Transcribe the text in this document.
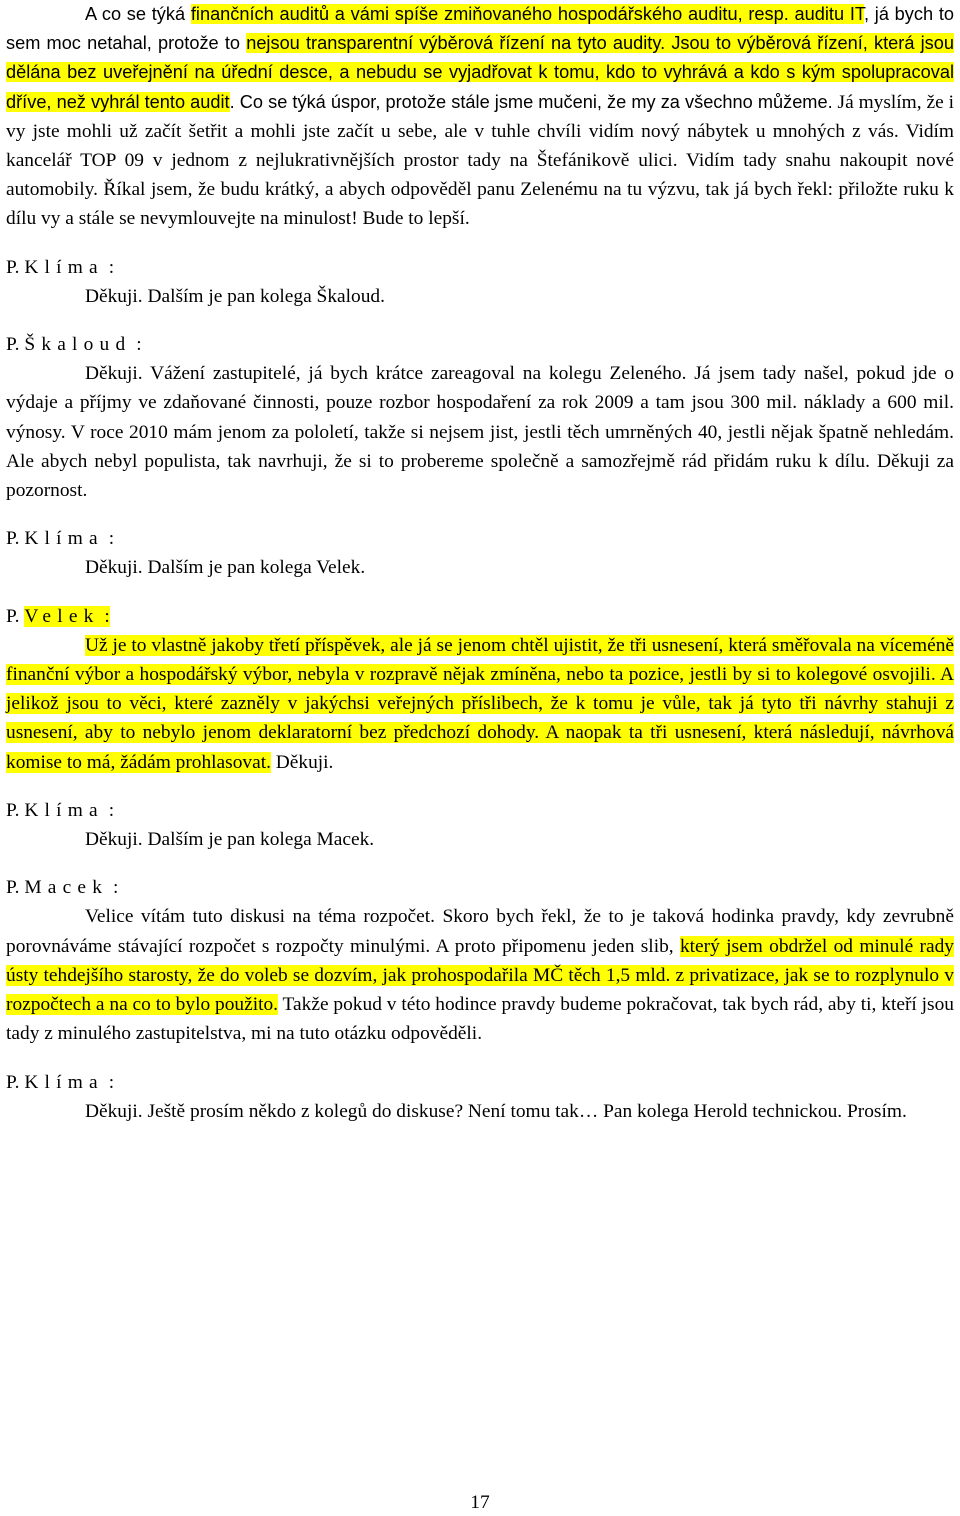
A co se týká finančních auditů a vámi spíše zmiňovaného hospodářského auditu, resp. auditu IT, já bych to sem moc netahal, protože to nejsou transparentní výběrová řízení na tyto audity. Jsou to výběrová řízení, která jsou dělána bez uveřejnění na úřední desce, a nebudu se vyjadřovat k tomu, kdo to vyhrává a kdo s kým spolupracoval dříve, než vyhrál tento audit. Co se týká úspor, protože stále jsme mučeni, že my za všechno můžeme. Já myslím, že i vy jste mohli už začít šetřit a mohli jste začít u sebe, ale v tuhle chvíli vidím nový nábytek u mnohých z vás. Vidím kancelář TOP 09 v jednom z nejlukrativnějších prostor tady na Štefánikově ulici. Vidím tady snahu nakoupit nové automobily. Říkal jsem, že budu krátký, a abych odpověděl panu Zelenému na tu výzvu, tak já bych řekl: přiložte ruku k dílu vy a stále se nevymlouvejte na minulost! Bude to lepší.

P. Klíma :

Děkuji. Dalším je pan kolega Škaloud.

P. Škaloud :

Děkuji. Vážení zastupitelé, já bych krátce zareagoval na kolegu Zeleného. Já jsem tady našel, pokud jde o výdaje a příjmy ve zdaňované činnosti, pouze rozbor hospodaření za rok 2009 a tam jsou 300 mil. náklady a 600 mil. výnosy. V roce 2010 mám jenom za pololetí, takže si nejsem jist, jestli těch umrněných 40, jestli nějak špatně nehledám. Ale abych nebyl populista, tak navrhuji, že si to probereme společně a samozřejmě rád přidám ruku k dílu. Děkuji za pozornost.

P. Klíma :

Děkuji. Dalším je pan kolega Velek.

P. Velek :

Už je to vlastně jakoby třetí příspěvek, ale já se jenom chtěl ujistit, že tři usnesení, která směřovala na víceméně finanční výbor a hospodářský výbor, nebyla v rozpravě nějak zmíněna, nebo ta pozice, jestli by si to kolegové osvojili. A jelikož jsou to věci, které zazněly v jakýchsi veřejných příslibech, že k tomu je vůle, tak já tyto tři návrhy stahuji z usnesení, aby to nebylo jenom deklaratorní bez předchozí dohody. A naopak ta tři usnesení, která následují, návrhová komise to má, žádám prohlasovat. Děkuji.

P. Klíma :

Děkuji. Dalším je pan kolega Macek.

P. Macek :

Velice vítám tuto diskusi na téma rozpočet. Skoro bych řekl, že to je taková hodinka pravdy, kdy zevrubně porovnáváme stávající rozpočet s rozpočty minulými. A proto připomenu jeden slib, který jsem obdržel od minulé rady ústy tehdejšího starosty, že do voleb se dozvím, jak prohospodařila MČ těch 1,5 mld. z privatizace, jak se to rozplynulo v rozpočtech a na co to bylo použito. Takže pokud v této hodince pravdy budeme pokračovat, tak bych rád, aby ti, kteří jsou tady z minulého zastupitelstva, mi na tuto otázku odpověděli.

P. Klíma :

Děkuji. Ještě prosím někdo z kolegů do diskuse? Není tomu tak… Pan kolega Herold technickou. Prosím.

17
